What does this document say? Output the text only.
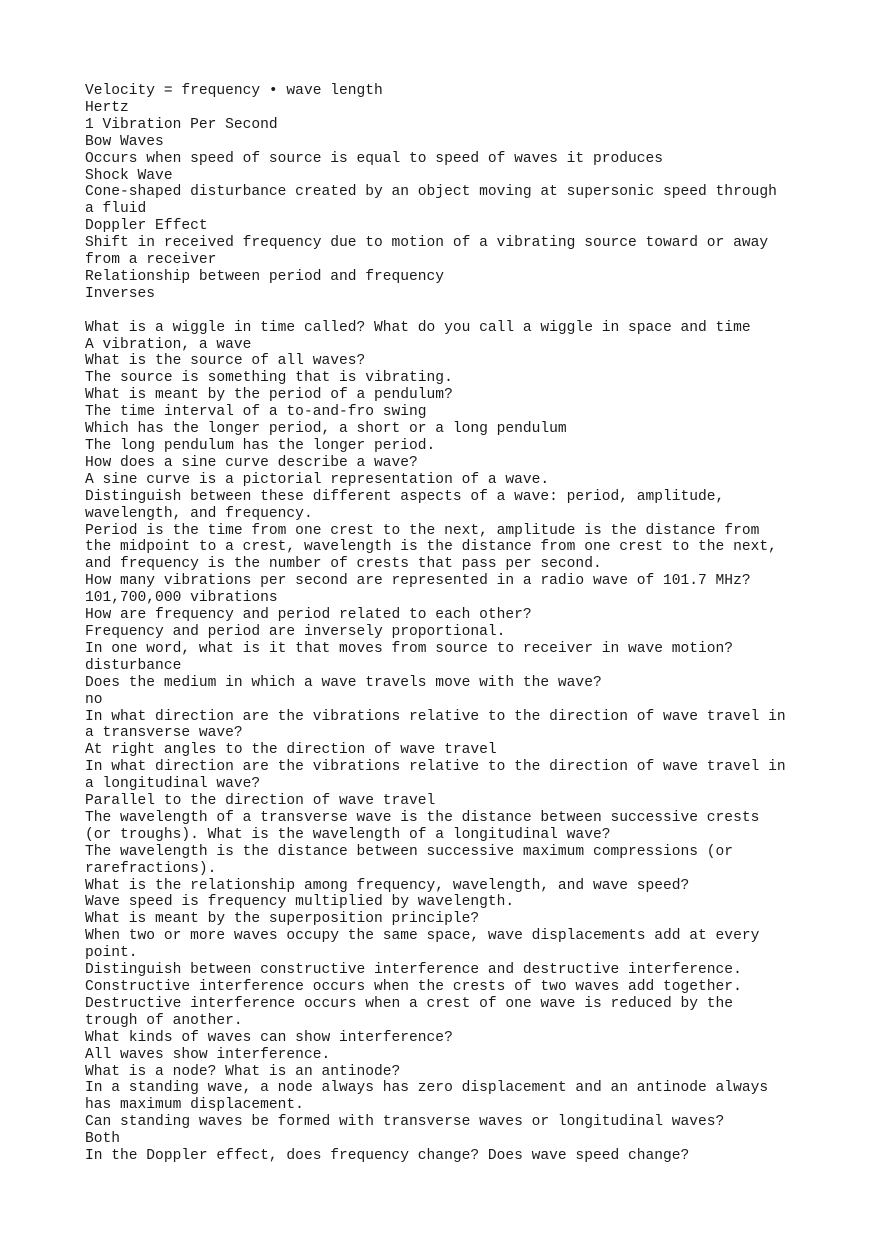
Velocity = frequency • wave length
Hertz
1 Vibration Per Second
Bow Waves
Occurs when speed of source is equal to speed of waves it produces
Shock Wave
Cone-shaped disturbance created by an object moving at supersonic speed through
a fluid
Doppler Effect
Shift in received frequency due to motion of a vibrating source toward or away
from a receiver
Relationship between period and frequency
Inverses
What is a wiggle in time called? What do you call a wiggle in space and time
A vibration, a wave
What is the source of all waves?
The source is something that is vibrating.
What is meant by the period of a pendulum?
The time interval of a to-and-fro swing
Which has the longer period, a short or a long pendulum
The long pendulum has the longer period.
How does a sine curve describe a wave?
A sine curve is a pictorial representation of a wave.
Distinguish between these different aspects of a wave: period, amplitude,
wavelength, and frequency.
Period is the time from one crest to the next, amplitude is the distance from
the midpoint to a crest, wavelength is the distance from one crest to the next,
and frequency is the number of crests that pass per second.
How many vibrations per second are represented in a radio wave of 101.7 MHz?
101,700,000 vibrations
How are frequency and period related to each other?
Frequency and period are inversely proportional.
In one word, what is it that moves from source to receiver in wave motion?
disturbance
Does the medium in which a wave travels move with the wave?
no
In what direction are the vibrations relative to the direction of wave travel in
a transverse wave?
At right angles to the direction of wave travel
In what direction are the vibrations relative to the direction of wave travel in
a longitudinal wave?
Parallel to the direction of wave travel
The wavelength of a transverse wave is the distance between successive crests
(or troughs). What is the wavelength of a longitudinal wave?
The wavelength is the distance between successive maximum compressions (or
rarefractions).
What is the relationship among frequency, wavelength, and wave speed?
Wave speed is frequency multiplied by wavelength.
What is meant by the superposition principle?
When two or more waves occupy the same space, wave displacements add at every
point.
Distinguish between constructive interference and destructive interference.
Constructive interference occurs when the crests of two waves add together.
Destructive interference occurs when a crest of one wave is reduced by the
trough of another.
What kinds of waves can show interference?
All waves show interference.
What is a node? What is an antinode?
In a standing wave, a node always has zero displacement and an antinode always
has maximum displacement.
Can standing waves be formed with transverse waves or longitudinal waves?
Both
In the Doppler effect, does frequency change? Does wave speed change?
